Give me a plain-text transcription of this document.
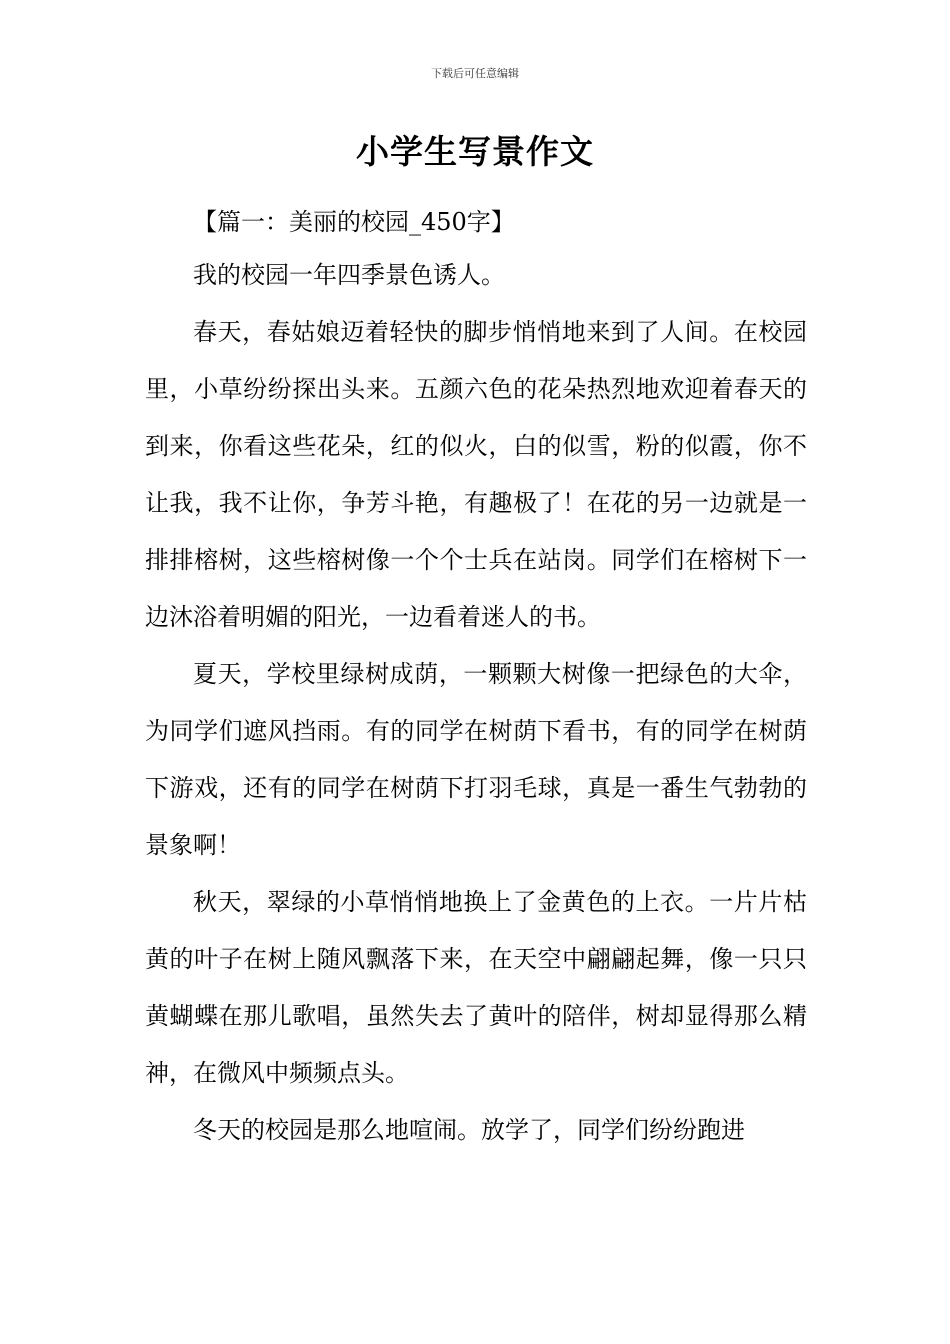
下载后可任意编辑
小学生写景作文

【篇一：美丽的校园_450字】

我的校园一年四季景色诱人。

春天，春姑娘迈着轻快的脚步悄悄地来到了人间。在校园里，小草纷纷探出头来。五颜六色的花朵热烈地欢迎着春天的到来，你看这些花朵，红的似火，白的似雪，粉的似霞，你不让我，我不让你，争芳斗艳，有趣极了！在花的另一边就是一排排榕树，这些榕树像一个个士兵在站岗。同学们在榕树下一边沐浴着明媚的阳光，一边看着迷人的书。

夏天，学校里绿树成荫，一颗颗大树像一把绿色的大伞，为同学们遮风挡雨。有的同学在树荫下看书，有的同学在树荫下游戏，还有的同学在树荫下打羽毛球，真是一番生气勃勃的景象啊！

秋天，翠绿的小草悄悄地换上了金黄色的上衣。一片片枯黄的叶子在树上随风飘落下来，在天空中翩翩起舞，像一只只黄蝴蝶在那儿歌唱，虽然失去了黄叶的陪伴，树却显得那么精神，在微风中频频点头。

冬天的校园是那么地喧闹。放学了，同学们纷纷跑进
